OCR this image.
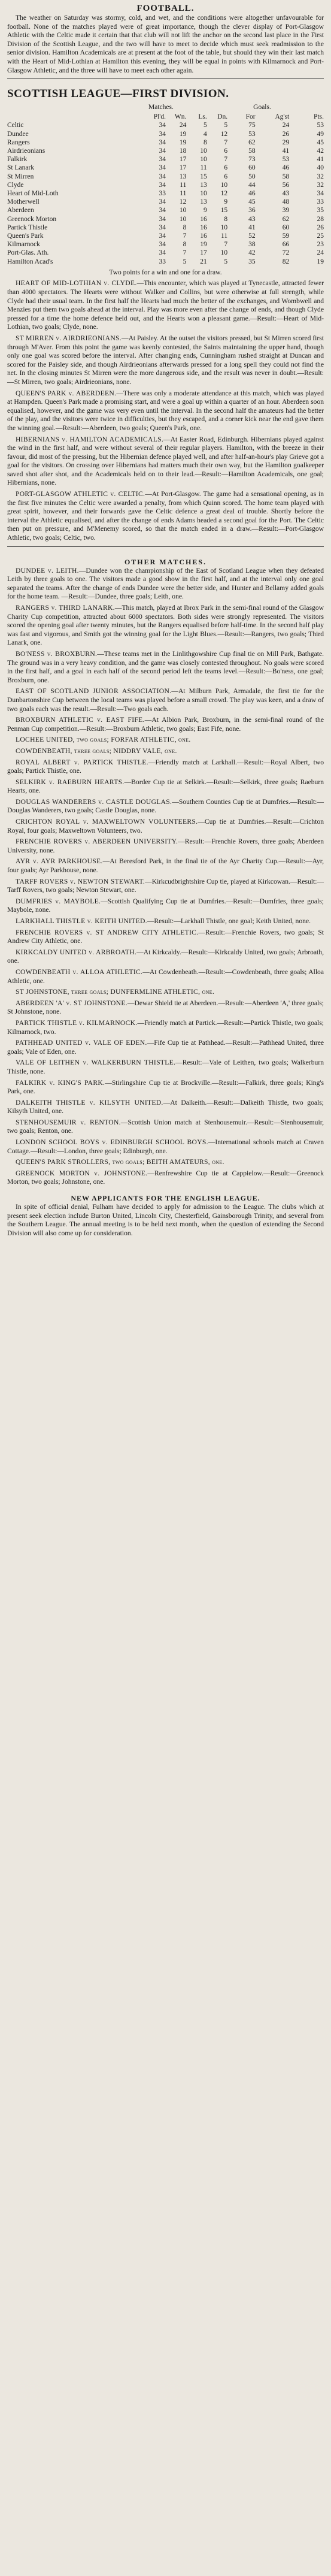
FOOTBALL.

The weather on Saturday was stormy, cold, and wet, and the conditions were altogether unfavourable for football. None of the matches played were of great importance, though the clever display of Port-Glasgow Athletic with the Celtic made it certain that that club will not lift the anchor on the second last place in the First Division of the Scottish League, and the two will have to meet to decide which must seek readmission to the senior division. Hamilton Academicals are at present at the foot of the table, but should they win their last match with the Heart of Mid-Lothian at Hamilton this evening, they will be equal in points with Kilmarnock and Port-Glasgow Athletic, and the three will have to meet each other again.

SCOTTISH LEAGUE—FIRST DIVISION.
Matches.	Goals.
	Pl'd.	Wn.	Ls.	Dn.	For	Ag'st	Pts.
Celtic	34	24	5	5	75	24	53
Dundee	34	19	4	12	53	26	49
Rangers	34	19	8	7	62	29	45
Airdrieonians	34	18	10	6	58	41	42
Falkirk	34	17	10	7	73	53	41
St Lanark	34	17	11	6	60	46	40
St Mirren	34	13	15	6	50	58	32
Clyde	34	11	13	10	44	56	32
Heart of Mid-Loth	33	11	10	12	46	43	34
Motherwell	34	12	13	9	45	48	33
Aberdeen	34	10	9	15	36	39	35
Greenock Morton	34	10	16	8	43	62	28
Partick Thistle	34	8	16	10	41	60	26
Queen's Park	34	7	16	11	52	59	25
Kilmarnock	34	8	19	7	38	66	23
Port-Glas. Ath.	34	7	17	10	42	72	24
Hamilton Acad's	33	5	21	5	35	82	19

Two points for a win and one for a draw.

HEART OF MID-LOTHIAN v. CLYDE.—This encounter, which was played at Tynecastle, attracted fewer than 4000 spectators. The Hearts were without Walker and Collins, but were otherwise at full strength, while Clyde had their usual team. In the first half the Hearts had much the better of the exchanges, and Wombwell and Menzies put them two goals ahead at the interval. Play was more even after the change of ends, and though Clyde pressed for a time the home defence held out, and the Hearts won a pleasant game.—Result:—Heart of Mid-Lothian, two goals; Clyde, none.

ST MIRREN v. AIRDRIEONIANS.—At Paisley. At the outset the visitors pressed, but St Mirren scored first through M'Aver. From this point the game was keenly contested, the Saints maintaining the upper hand, though only one goal was scored before the interval. After changing ends, Cunningham rushed straight at Duncan and scored for the Paisley side, and though Airdrieonians afterwards pressed for a long spell they could not find the net. In the closing minutes St Mirren were the more dangerous side, and the result was never in doubt.—Result:—St Mirren, two goals; Airdrieonians, none.

QUEEN'S PARK v. ABERDEEN.—There was only a moderate attendance at this match, which was played at Hampden. Queen's Park made a promising start, and were a goal up within a quarter of an hour. Aberdeen soon equalised, however, and the game was very even until the interval. In the second half the amateurs had the better of the play, and the visitors were twice in difficulties, but they escaped, and a corner kick near the end gave them the winning goal.—Result:—Aberdeen, two goals; Queen's Park, one.

HIBERNIANS v. HAMILTON ACADEMICALS.—At Easter Road, Edinburgh. Hibernians played against the wind in the first half, and were without several of their regular players. Hamilton, with the breeze in their favour, did most of the pressing, but the Hibernian defence played well, and after half-an-hour's play Grieve got a goal for the visitors. On crossing over Hibernians had matters much their own way, but the Hamilton goalkeeper saved shot after shot, and the Academicals held on to their lead.—Result:—Hamilton Academicals, one goal; Hibernians, none.

PORT-GLASGOW ATHLETIC v. CELTIC.—At Port-Glasgow. The game had a sensational opening, as in the first five minutes the Celtic were awarded a penalty, from which Quinn scored. The home team played with great spirit, however, and their forwards gave the Celtic defence a great deal of trouble. Shortly before the interval the Athletic equalised, and after the change of ends Adams headed a second goal for the Port. The Celtic then put on pressure, and M'Menemy scored, so that the match ended in a draw.—Result:—Port-Glasgow Athletic, two goals; Celtic, two.

OTHER MATCHES.

DUNDEE v. LEITH.—Dundee won the championship of the East of Scotland League when they defeated Leith by three goals to one. The visitors made a good show in the first half, and at the interval only one goal separated the teams. After the change of ends Dundee were the better side, and Hunter and Bellamy added goals for the home team. —Result:—Dundee, three goals; Leith, one.

RANGERS v. THIRD LANARK.—This match, played at Ibrox Park in the semi-final round of the Glasgow Charity Cup competition, attracted about 6000 spectators. Both sides were strongly represented. The visitors scored the opening goal after twenty minutes, but the Rangers equalised before half-time. In the second half play was fast and vigorous, and Smith got the winning goal for the Light Blues.—Result:—Rangers, two goals; Third Lanark, one.

BO'NESS v. BROXBURN.—These teams met in the Linlithgowshire Cup final tie on Mill Park, Bathgate. The ground was in a very heavy condition, and the game was closely contested throughout. No goals were scored in the first half, and a goal in each half of the second period left the teams level.—Result:—Bo'ness, one goal; Broxburn, one.

EAST OF SCOTLAND JUNIOR ASSOCIATION.—At Milburn Park, Armadale, the first tie for the Dunbartonshire Cup between the local teams was played before a small crowd. The play was keen, and a draw of two goals each was the result.—Result:—Two goals each.

BROXBURN ATHLETIC v. EAST FIFE.—At Albion Park, Broxburn, in the semi-final round of the Penman Cup competition.—Result:—Broxburn Athletic, two goals; East Fife, none.

LOCHEE UNITED, two goals; FORFAR ATHLETIC, one.

COWDENBEATH, three goals; NIDDRY VALE, one.

ROYAL ALBERT v. PARTICK THISTLE.—Friendly match at Larkhall.—Result:—Royal Albert, two goals; Partick Thistle, one.

SELKIRK v. RAEBURN HEARTS.—Border Cup tie at Selkirk.—Result:—Selkirk, three goals; Raeburn Hearts, one.

DOUGLAS WANDERERS v. CASTLE DOUGLAS.—Southern Counties Cup tie at Dumfries.—Result:—Douglas Wanderers, two goals; Castle Douglas, none.

CRICHTON ROYAL v. MAXWELTOWN VOLUNTEERS.—Cup tie at Dumfries.—Result:—Crichton Royal, four goals; Maxweltown Volunteers, two.

FRENCHIE ROVERS v. ABERDEEN UNIVERSITY.—Result:—Frenchie Rovers, three goals; Aberdeen University, none.

AYR v. AYR PARKHOUSE.—At Beresford Park, in the final tie of the Ayr Charity Cup.—Result:—Ayr, four goals; Ayr Parkhouse, none.

TARFF ROVERS v. NEWTON STEWART.—Kirkcudbrightshire Cup tie, played at Kirkcowan.—Result:—Tarff Rovers, two goals; Newton Stewart, one.

DUMFRIES v. MAYBOLE.—Scottish Qualifying Cup tie at Dumfries.—Result:—Dumfries, three goals; Maybole, none.

LARKHALL THISTLE v. KEITH UNITED.—Result:—Larkhall Thistle, one goal; Keith United, none.

FRENCHIE ROVERS v. ST ANDREW CITY ATHLETIC.—Result:—Frenchie Rovers, two goals; St Andrew City Athletic, one.

KIRKCALDY UNITED v. ARBROATH.—At Kirkcaldy.—Result:—Kirkcaldy United, two goals; Arbroath, one.

COWDENBEATH v. ALLOA ATHLETIC.—At Cowdenbeath.—Result:—Cowdenbeath, three goals; Alloa Athletic, one.

ST JOHNSTONE, three goals; DUNFERMLINE ATHLETIC, one.

ABERDEEN 'A' v. ST JOHNSTONE.—Dewar Shield tie at Aberdeen.—Result:—Aberdeen 'A,' three goals; St Johnstone, none.

PARTICK THISTLE v. KILMARNOCK.—Friendly match at Partick.—Result:—Partick Thistle, two goals; Kilmarnock, two.

PATHHEAD UNITED v. VALE OF EDEN.—Fife Cup tie at Pathhead.—Result:—Pathhead United, three goals; Vale of Eden, one.

VALE OF LEITHEN v. WALKERBURN THISTLE.—Result:—Vale of Leithen, two goals; Walkerburn Thistle, none.

FALKIRK v. KING'S PARK.—Stirlingshire Cup tie at Brockville.—Result:—Falkirk, three goals; King's Park, one.

DALKEITH THISTLE v. KILSYTH UNITED.—At Dalkeith.—Result:—Dalkeith Thistle, two goals; Kilsyth United, one.

STENHOUSEMUIR v. RENTON.—Scottish Union match at Stenhousemuir.—Result:—Stenhousemuir, two goals; Renton, one.

LONDON SCHOOL BOYS v. EDINBURGH SCHOOL BOYS.—International schools match at Craven Cottage.—Result:—London, three goals; Edinburgh, one.

QUEEN'S PARK STROLLERS, two goals; BEITH AMATEURS, one.

GREENOCK MORTON v. JOHNSTONE.—Renfrewshire Cup tie at Cappielow.—Result:—Greenock Morton, two goals; Johnstone, one.

NEW APPLICANTS FOR THE ENGLISH LEAGUE.

In spite of official denial, Fulham have decided to apply for admission to the League. The clubs which at present seek election include Burton United, Lincoln City, Chesterfield, Gainsborough Trinity, and several from the Southern League. The annual meeting is to be held next month, when the question of extending the Second Division will also come up for consideration.
